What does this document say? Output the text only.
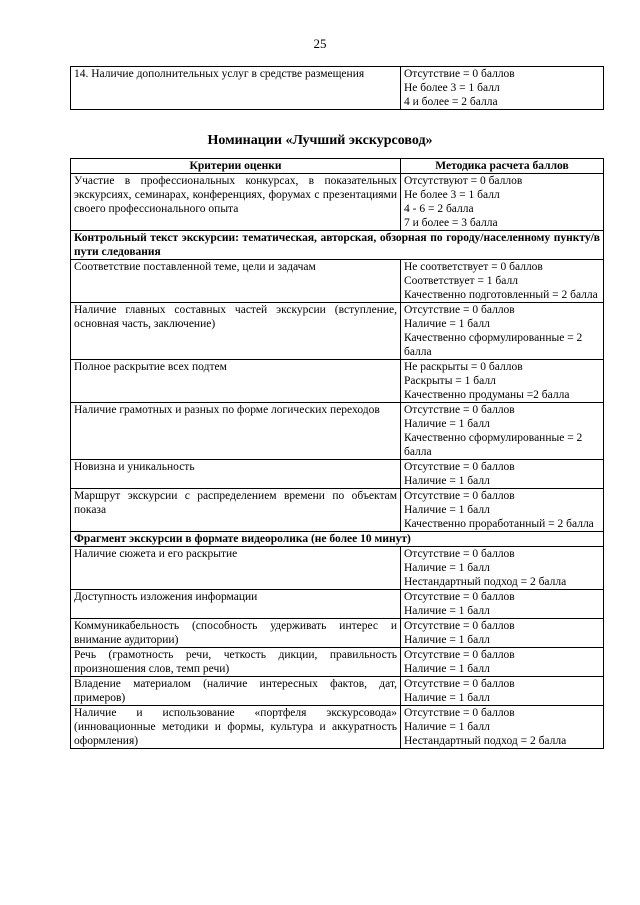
25
14. Наличие дополнительных услуг в средстве размещения	Отсутствие = 0 баллов
Не более 3 = 1 балл
4 и более = 2 балла
Номинации «Лучший экскурсовод»
Критерии оценки	Методика расчета баллов
Участие в профессиональных конкурсах, в показательных экскурсиях, семинарах, конференциях, форумах с презентациями своего профессионального опыта	Отсутствуют = 0 баллов
Не более 3 = 1 балл
4 - 6 = 2 балла
7 и более = 3 балла

Контрольный текст экскурсии: тематическая, авторская, обзорная по городу/населенному пункту/в пути следования	
Соответствие поставленной теме, цели и задачам	Не соответствует = 0 баллов
Соответствует = 1 балл
Качественно подготовленный = 2 балла

Наличие главных составных частей экскурсии (вступление, основная часть, заключение)	Отсутствие = 0 баллов
Наличие = 1 балл
Качественно сформулированные = 2 балла

Полное раскрытие всех подтем	Не раскрыты = 0 баллов
Раскрыты = 1 балл
Качественно продуманы =2 балла

Наличие грамотных и разных по форме логических переходов	Отсутствие = 0 баллов
Наличие = 1 балл
Качественно сформулированные = 2 балла

Новизна и уникальность	Отсутствие = 0 баллов
Наличие = 1 балл

Маршрут экскурсии с распределением времени по объектам показа	Отсутствие = 0 баллов
Наличие = 1 балл
Качественно проработанный = 2 балла

Фрагмент экскурсии в формате видеоролика (не более 10 минут)	
Наличие сюжета и его раскрытие	Отсутствие = 0 баллов
Наличие = 1 балл
Нестандартный подход = 2 балла

Доступность изложения информации	Отсутствие = 0 баллов
Наличие = 1 балл

Коммуникабельность (способность удерживать интерес и внимание аудитории)	Отсутствие = 0 баллов
Наличие = 1 балл

Речь (грамотность речи, четкость дикции, правильность произношения слов, темп речи)	Отсутствие = 0 баллов
Наличие = 1 балл

Владение материалом (наличие интересных фактов, дат, примеров)	Отсутствие = 0 баллов
Наличие = 1 балл

Наличие и использование «портфеля экскурсовода» (инновационные методики и формы, культура и аккуратность оформления)	Отсутствие = 0 баллов
Наличие = 1 балл
Нестандартный подход = 2 балла
